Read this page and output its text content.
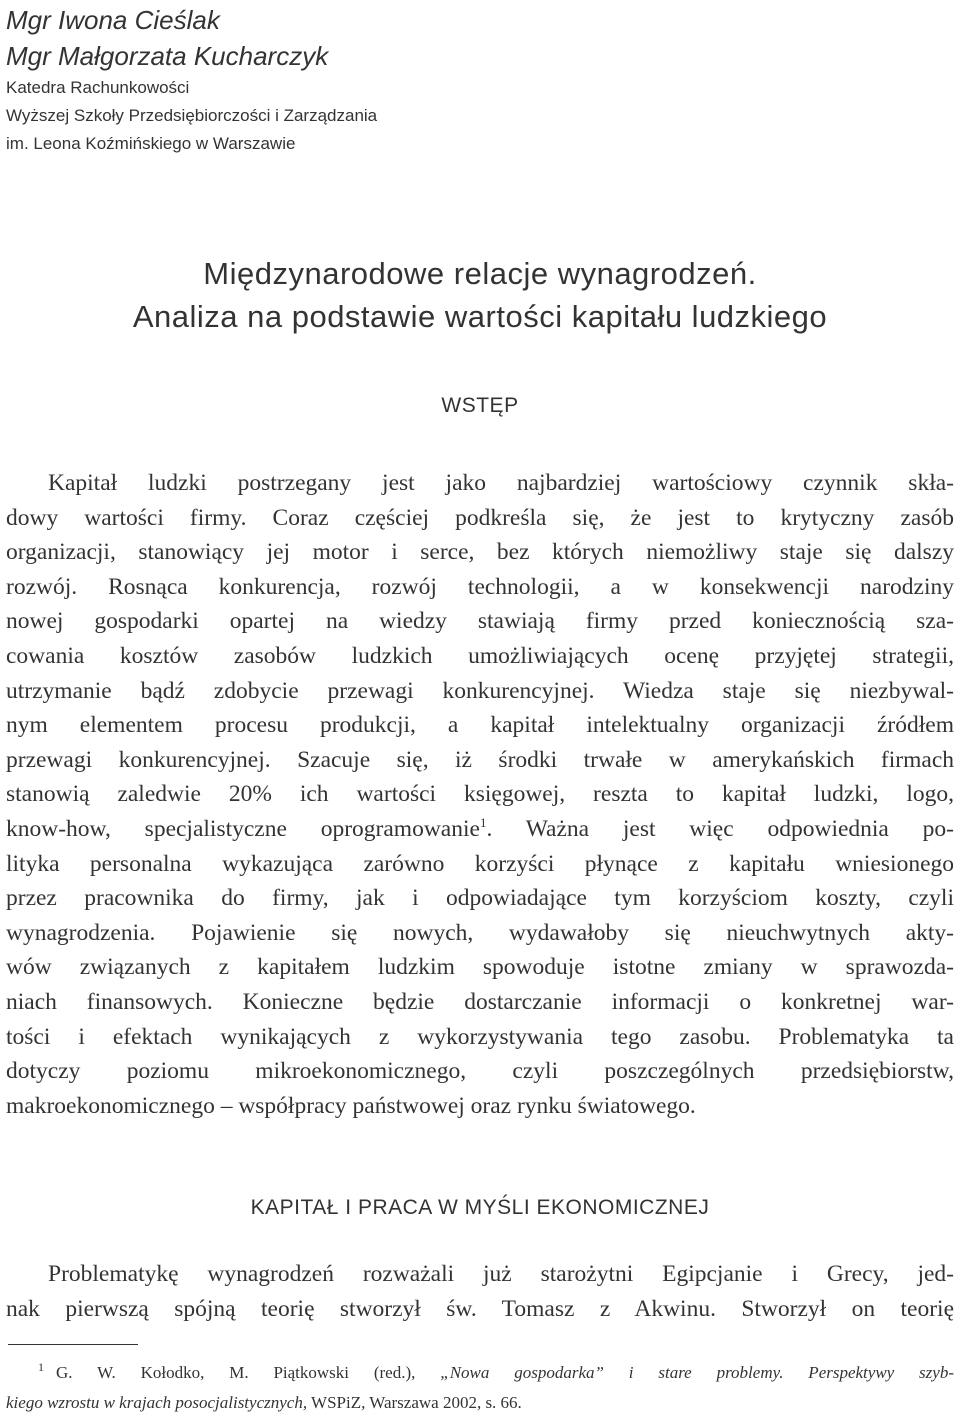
Mgr Iwona Cieślak
Mgr Małgorzata Kucharczyk
Katedra Rachunkowości
Wyższej Szkoły Przedsiębiorczości i Zarządzania
im. Leona Koźmińskiego w Warszawie
Międzynarodowe relacje wynagrodzeń.
Analiza na podstawie wartości kapitału ludzkiego
WSTĘP
Kapitał ludzki postrzegany jest jako najbardziej wartościowy czynnik skła-
dowy wartości firmy. Coraz częściej podkreśla się, że jest to krytyczny zasób
organizacji, stanowiący jej motor i serce, bez których niemożliwy staje się dalszy
rozwój. Rosnąca konkurencja, rozwój technologii, a w konsekwencji narodziny
nowej gospodarki opartej na wiedzy stawiają firmy przed koniecznością sza-
cowania kosztów zasobów ludzkich umożliwiających ocenę przyjętej strategii,
utrzymanie bądź zdobycie przewagi konkurencyjnej. Wiedza staje się niezbywal-
nym elementem procesu produkcji, a kapitał intelektualny organizacji źródłem
przewagi konkurencyjnej. Szacuje się, iż środki trwałe w amerykańskich firmach
stanowią zaledwie 20% ich wartości księgowej, reszta to kapitał ludzki, logo,
know-how, specjalistyczne oprogramowanie$^1$. Ważna jest więc odpowiednia po-
lityka personalna wykazująca zarówno korzyści płynące z kapitału wniesionego
przez pracownika do firmy, jak i odpowiadające tym korzyściom koszty, czyli
wynagrodzenia. Pojawienie się nowych, wydawałoby się nieuchwytnych akty-
wów związanych z kapitałem ludzkim spowoduje istotne zmiany w sprawozda-
niach finansowych. Konieczne będzie dostarczanie informacji o konkretnej war-
tości i efektach wynikających z wykorzystywania tego zasobu. Problematyka ta
dotyczy poziomu mikroekonomicznego, czyli poszczególnych przedsiębiorstw,
makroekonomicznego – współpracy państwowej oraz rynku światowego.
KAPITAŁ I PRACA W MYŚLI EKONOMICZNEJ
Problematykę wynagrodzeń rozważali już starożytni Egipcjanie i Grecy, jed-
nak pierwszą spójną teorię stworzył św. Tomasz z Akwinu. Stworzył on teorię
$^1$ G. W. Kołodko, M. Piątkowski (red.), „Nowa gospodarka” i stare problemy. Perspektywy szyb-
kiego wzrostu w krajach posocjalistycznych, WSPiZ, Warszawa 2002, s. 66.
